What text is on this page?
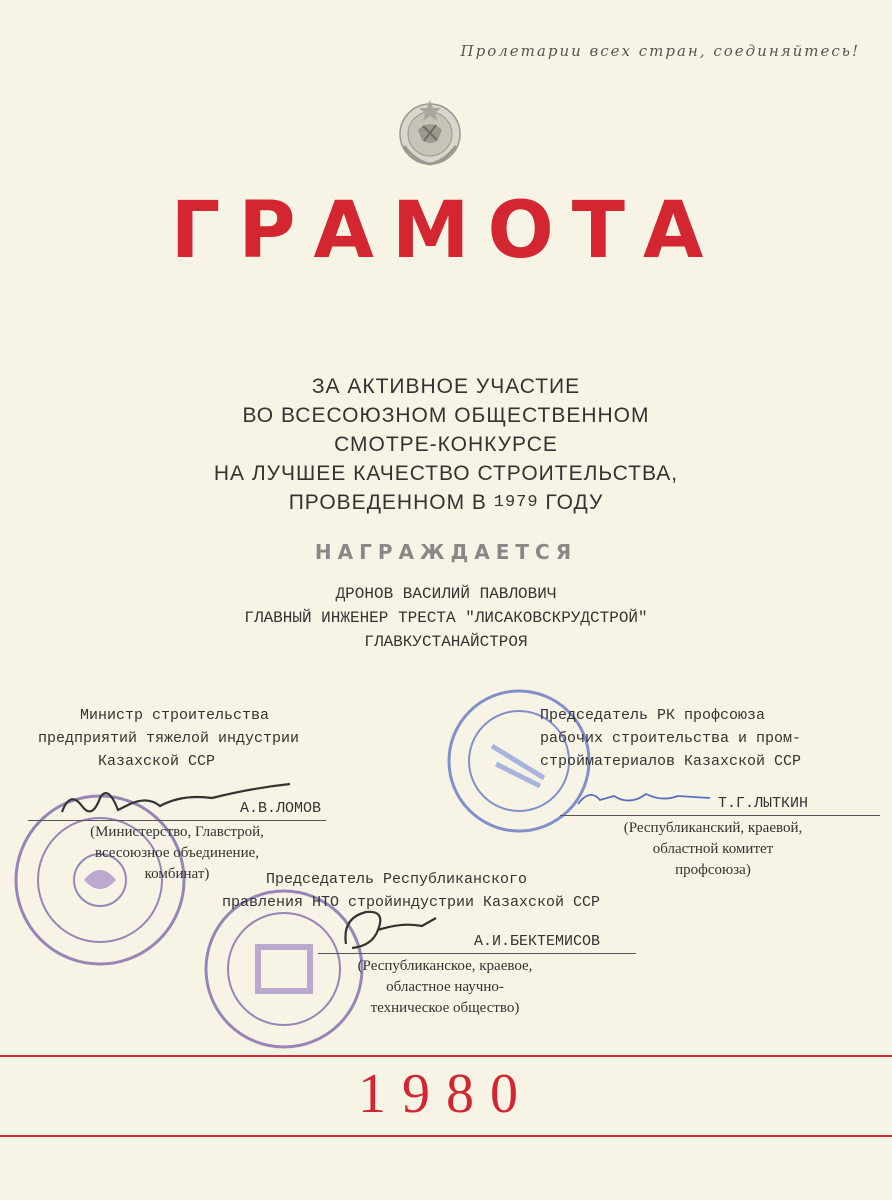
Пролетарии всех стран, соединяйтесь!
ГРАМОТА
ЗА АКТИВНОЕ УЧАСТИЕ
ВО ВСЕСОЮЗНОМ ОБЩЕСТВЕННОМ
СМОТРЕ-КОНКУРСЕ
НА ЛУЧШЕЕ КАЧЕСТВО СТРОИТЕЛЬСТВА,
ПРОВЕДЕННОМ В 1979 ГОДУ
НАГРАЖДАЕТСЯ
ДРОНОВ ВАСИЛИЙ ПАВЛОВИЧ
ГЛАВНЫЙ ИНЖЕНЕР ТРЕСТА "ЛИСАКОВСКРУДСТРОЙ"
ГЛАВКУСТАНАЙСТРОЯ
Министр строительства
предприятий тяжелой индустрии
Казахской ССР
А.В.ЛОМОВ
(Министерство, Главстрой,
всесоюзное объединение,
комбинат)
Председатель РК профсоюза
рабочих строительства и пром-
стройматериалов Казахской ССР
Т.Г.ЛЫТКИН
(Республиканский, краевой,
областной комитет
профсоюза)
Председатель Республиканского
правления НТО стройиндустрии Казахской ССР
А.И.БЕКТЕМИСОВ
(Республиканское, краевое,
областное научно-
техническое общество)
1980
